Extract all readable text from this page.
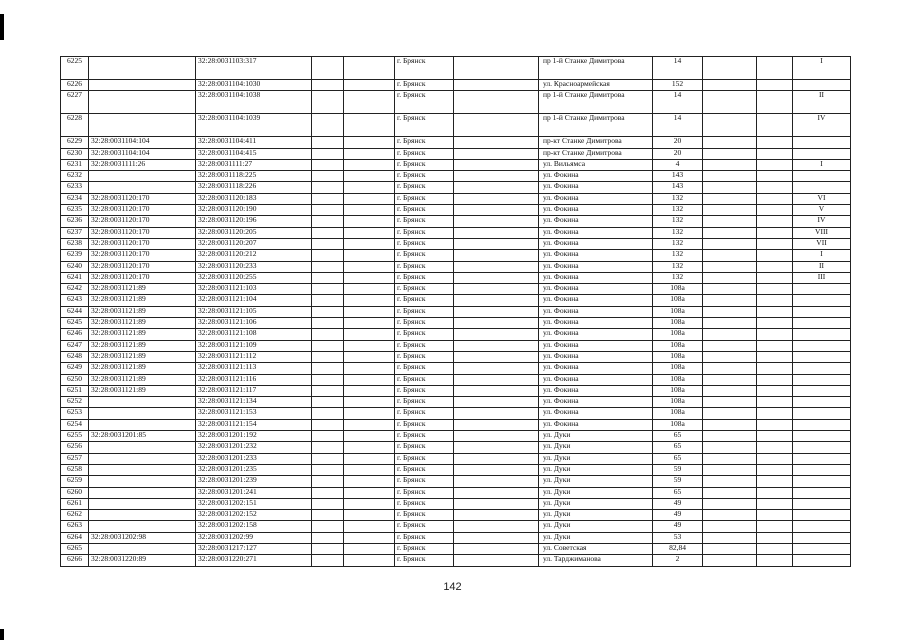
6225		32:28:0031103:317			г. Брянск		пр 1-й Станке Димитрова	14			I
6226		32:28:0031104:1030			г. Брянск		ул. Красноармейская	152			
6227		32:28:0031104:1038			г. Брянск		пр 1-й Станке Димитрова	14			II
6228		32:28:0031104:1039			г. Брянск		пр 1-й Станке Димитрова	14			IV
6229	32:28:0031104:104	32:28:0031104:411			г. Брянск		пр-кт Станке Димитрова	20			
6230	32:28:0031104:104	32:28:0031104:415			г. Брянск		пр-кт Станке Димитрова	20			
6231	32:28:0031111:26	32:28:0031111:27			г. Брянск		ул. Вильямса	4			I
6232		32:28:0031118:225			г. Брянск		ул. Фокина	143			
6233		32:28:0031118:226			г. Брянск		ул. Фокина	143			
6234	32:28:0031120:170	32:28:0031120:183			г. Брянск		ул. Фокина	132			VI
6235	32:28:0031120:170	32:28:0031120:190			г. Брянск		ул. Фокина	132			V
6236	32:28:0031120:170	32:28:0031120:196			г. Брянск		ул. Фокина	132			IV
6237	32:28:0031120:170	32:28:0031120:205			г. Брянск		ул. Фокина	132			VIII
6238	32:28:0031120:170	32:28:0031120:207			г. Брянск		ул. Фокина	132			VII
6239	32:28:0031120:170	32:28:0031120:212			г. Брянск		ул. Фокина	132			I
6240	32:28:0031120:170	32:28:0031120:233			г. Брянск		ул. Фокина	132			II
6241	32:28:0031120:170	32:28:0031120:255			г. Брянск		ул. Фокина	132			III
6242	32:28:0031121:89	32:28:0031121:103			г. Брянск		ул. Фокина	108а			
6243	32:28:0031121:89	32:28:0031121:104			г. Брянск		ул. Фокина	108а			
6244	32:28:0031121:89	32:28:0031121:105			г. Брянск		ул. Фокина	108а			
6245	32:28:0031121:89	32:28:0031121:106			г. Брянск		ул. Фокина	108а			
6246	32:28:0031121:89	32:28:0031121:108			г. Брянск		ул. Фокина	108а			
6247	32:28:0031121:89	32:28:0031121:109			г. Брянск		ул. Фокина	108а			
6248	32:28:0031121:89	32:28:0031121:112			г. Брянск		ул. Фокина	108а			
6249	32:28:0031121:89	32:28:0031121:113			г. Брянск		ул. Фокина	108а			
6250	32:28:0031121:89	32:28:0031121:116			г. Брянск		ул. Фокина	108а			
6251	32:28:0031121:89	32:28:0031121:117			г. Брянск		ул. Фокина	108а			
6252		32:28:0031121:134			г. Брянск		ул. Фокина	108а			
6253		32:28:0031121:153			г. Брянск		ул. Фокина	108а			
6254		32:28:0031121:154			г. Брянск		ул. Фокина	108а			
6255	32:28:0031201:85	32:28:0031201:192			г. Брянск		ул. Дуки	65			
6256		32:28:0031201:232			г. Брянск		ул. Дуки	65			
6257		32:28:0031201:233			г. Брянск		ул. Дуки	65			
6258		32:28:0031201:235			г. Брянск		ул. Дуки	59			
6259		32:28:0031201:239			г. Брянск		ул. Дуки	59			
6260		32:28:0031201:241			г. Брянск		ул. Дуки	65			
6261		32:28:0031202:151			г. Брянск		ул. Дуки	49			
6262		32:28:0031202:152			г. Брянск		ул. Дуки	49			
6263		32:28:0031202:158			г. Брянск		ул. Дуки	49			
6264	32:28:0031202:98	32:28:0031202:99			г. Брянск		ул. Дуки	53			
6265		32:28:0031217:127			г. Брянск		ул. Советская	82,84			
6266	32:28:0031220:89	32:28:0031220:271			г. Брянск		ул. Тарджиманова	2			
142
